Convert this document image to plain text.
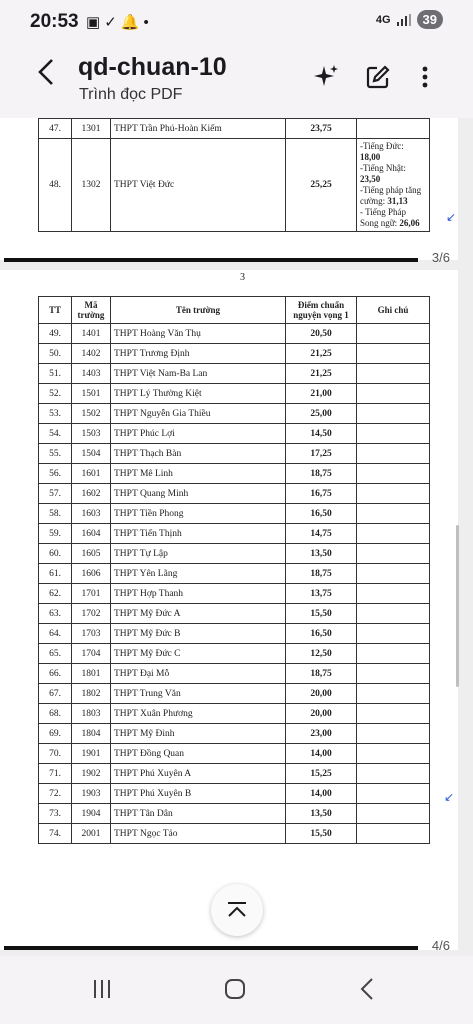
20:53 ▣✓🔔•	4G	39
qd-chuan-10
Trình đọc PDF
47.	1301	THPT Trần Phú-Hoàn Kiếm	23,75	
48.	1302	THPT Việt Đức	25,25	-Tiếng Đức: 18,00
-Tiếng Nhật: 23,50
-Tiếng pháp tăng cường: 31,13
- Tiếng Pháp Song ngữ: 26,06	↙
3/6
3
TT	Mã trường	Tên trường	Điểm chuẩn nguyện vọng 1	Ghi chú
49.	1401	THPT Hoàng Văn Thụ	20,50	
50.	1402	THPT Trương Định	21,25	
51.	1403	THPT Việt Nam-Ba Lan	21,25	
52.	1501	THPT Lý Thường Kiệt	21,00	
53.	1502	THPT Nguyễn Gia Thiều	25,00	
54.	1503	THPT Phúc Lợi	14,50	
55.	1504	THPT Thạch Bàn	17,25	
56.	1601	THPT Mê Linh	18,75	
57.	1602	THPT Quang Minh	16,75	
58.	1603	THPT Tiền Phong	16,50	
59.	1604	THPT Tiến Thịnh	14,75	
60.	1605	THPT Tự Lập	13,50	
61.	1606	THPT Yên Lãng	18,75	
62.	1701	THPT Hợp Thanh	13,75	
63.	1702	THPT Mỹ Đức A	15,50	
64.	1703	THPT Mỹ Đức B	16,50	
65.	1704	THPT Mỹ Đức C	12,50	
66.	1801	THPT Đại Mỗ	18,75	
67.	1802	THPT Trung Văn	20,00	
68.	1803	THPT Xuân Phương	20,00	
69.	1804	THPT Mỹ Đình	23,00	
70.	1901	THPT Đồng Quan	14,00	
71.	1902	THPT Phú Xuyên A	15,25	
72.	1903	THPT Phú Xuyên B	14,00	
73.	1904	THPT Tân Dân	13,50	
74.	2001	THPT Ngọc Tảo	15,50	
↙
4/6
